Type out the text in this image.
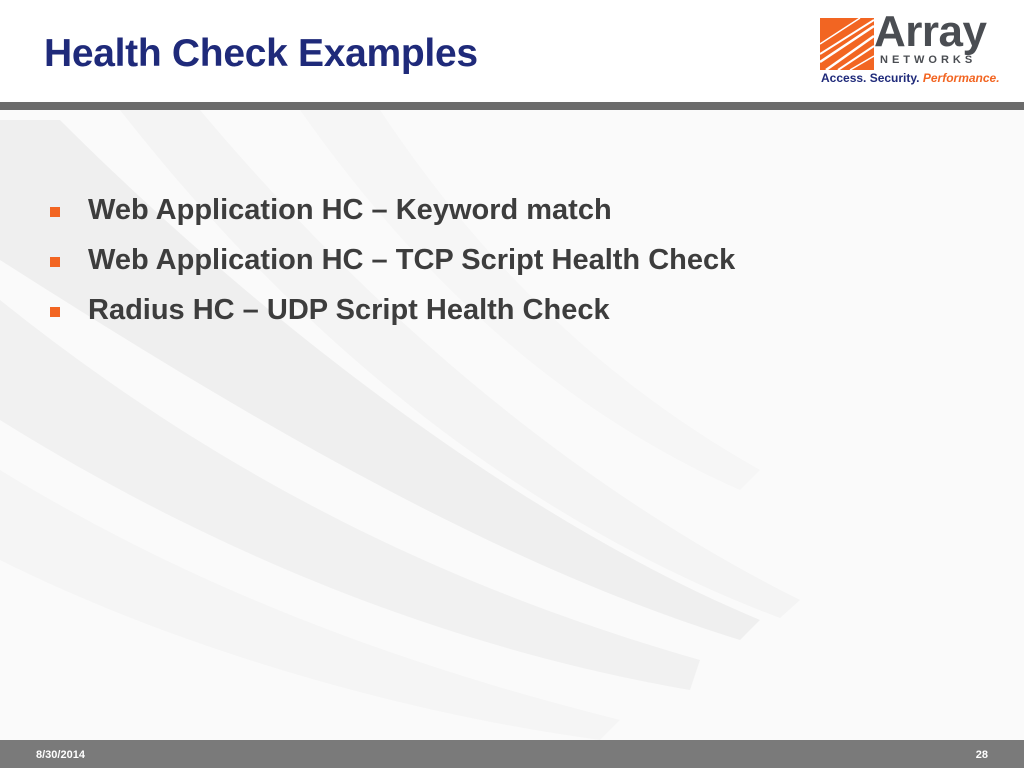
Health Check Examples	Array
NETWORKS
Access. Security. Performance.
Web Application HC – Keyword match
Web Application HC – TCP Script Health Check
Radius HC – UDP Script Health Check
8/30/2014	28
